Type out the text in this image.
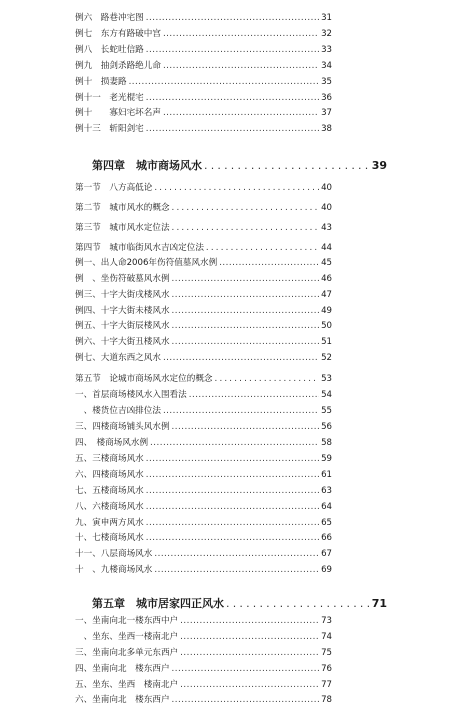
例六　路巷冲宅图 .....	31
例七　东方有路破中宫 .....	32
例八　长蛇吐信路 .....	33
例九　抽剑杀路绝儿命 .....	34
例十　损妻路 .....	35
例十一　老光棍宅 .....	36
例十　　寡妇宅坏名声 .....	37
例十三　斩阳剑宅 .....	38
第四章　城市商场风水 .....	39
第一节　八方高低论 .....	40
第二节　城市风水的概念 .....	40
第三节　城市风水定位法 .....	43
第四节　城市临街风水吉凶定位法 .....	44
例一、出人命2006年伤符值墓风水例 .....	45
例　、坐伤符破墓风水例 .....	46
例三、十字大街戌楼风水 .....	47
例四、十字大街未楼风水 .....	49
例五、十字大街辰楼风水 .....	50
例六、十字大街丑楼风水 .....	51
例七、大道东西之风水 .....	52
第五节　论城市商场风水定位的概念 .....	53
一、首层商场楼风水入围看法 .....	54
　、楼货位吉凶排位法 .....	55
三、四楼商场铺头风水例 .....	56
四、　楼商场风水例 .....	58
五、三楼商场风水 .....	59
六、四楼商场风水 .....	61
七、五楼商场风水 .....	63
八、六楼商场风水 .....	64
九、寅申两方风水 .....	65
十、七楼商场风水 .....	66
十一、八层商场风水 .....	67
十　、九楼商场风水 .....	69
第五章　城市居家四正风水 .....	71
一、坐南向北一楼东西中户 .....	73
　、坐东、坐西一楼南北户 .....	74
三、坐南向北多单元东西户 .....	75
四、坐南向北　楼东西户 .....	76
五、坐东、坐西　楼南北户 .....	77
六、坐南向北　楼东西户 .....	78
